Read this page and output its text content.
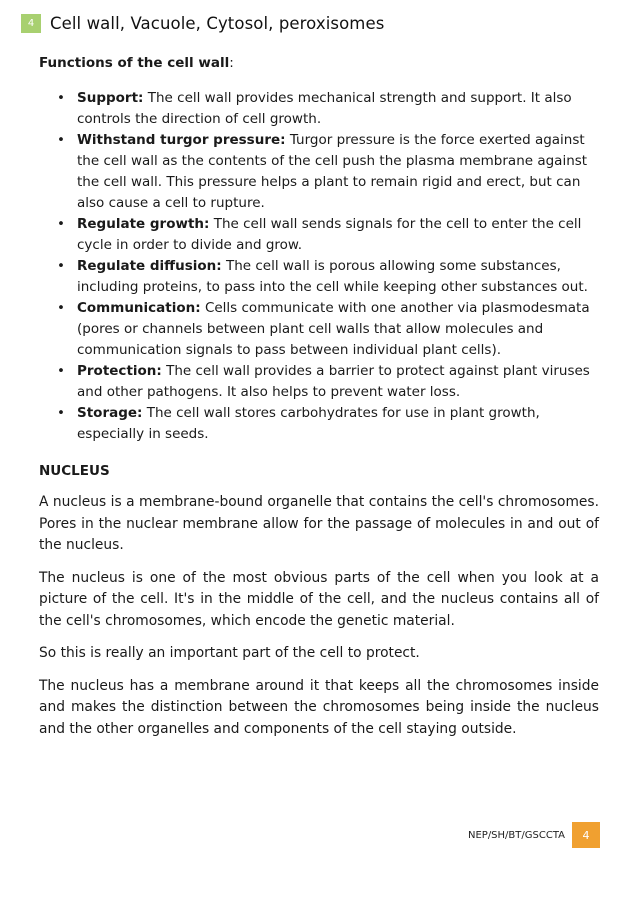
4 Cell wall, Vacuole, Cytosol, peroxisomes

Functions of the cell wall:

• Support: The cell wall provides mechanical strength and support. It also controls the direction of cell growth.
• Withstand turgor pressure: Turgor pressure is the force exerted against the cell wall as the contents of the cell push the plasma membrane against the cell wall. This pressure helps a plant to remain rigid and erect, but can also cause a cell to rupture.
• Regulate growth: The cell wall sends signals for the cell to enter the cell cycle in order to divide and grow.
• Regulate diffusion: The cell wall is porous allowing some substances, including proteins, to pass into the cell while keeping other substances out.
• Communication: Cells communicate with one another via plasmodesmata (pores or channels between plant cell walls that allow molecules and communication signals to pass between individual plant cells).
• Protection: The cell wall provides a barrier to protect against plant viruses and other pathogens. It also helps to prevent water loss.
• Storage: The cell wall stores carbohydrates for use in plant growth, especially in seeds.

NUCLEUS

A nucleus is a membrane-bound organelle that contains the cell's chromosomes. Pores in the nuclear membrane allow for the passage of molecules in and out of the nucleus.

The nucleus is one of the most obvious parts of the cell when you look at a picture of the cell. It's in the middle of the cell, and the nucleus contains all of the cell's chromosomes, which encode the genetic material.

So this is really an important part of the cell to protect.

The nucleus has a membrane around it that keeps all the chromosomes inside and makes the distinction between the chromosomes being inside the nucleus and the other organelles and components of the cell staying outside.

NEP/SH/BT/GSCCTA	4
